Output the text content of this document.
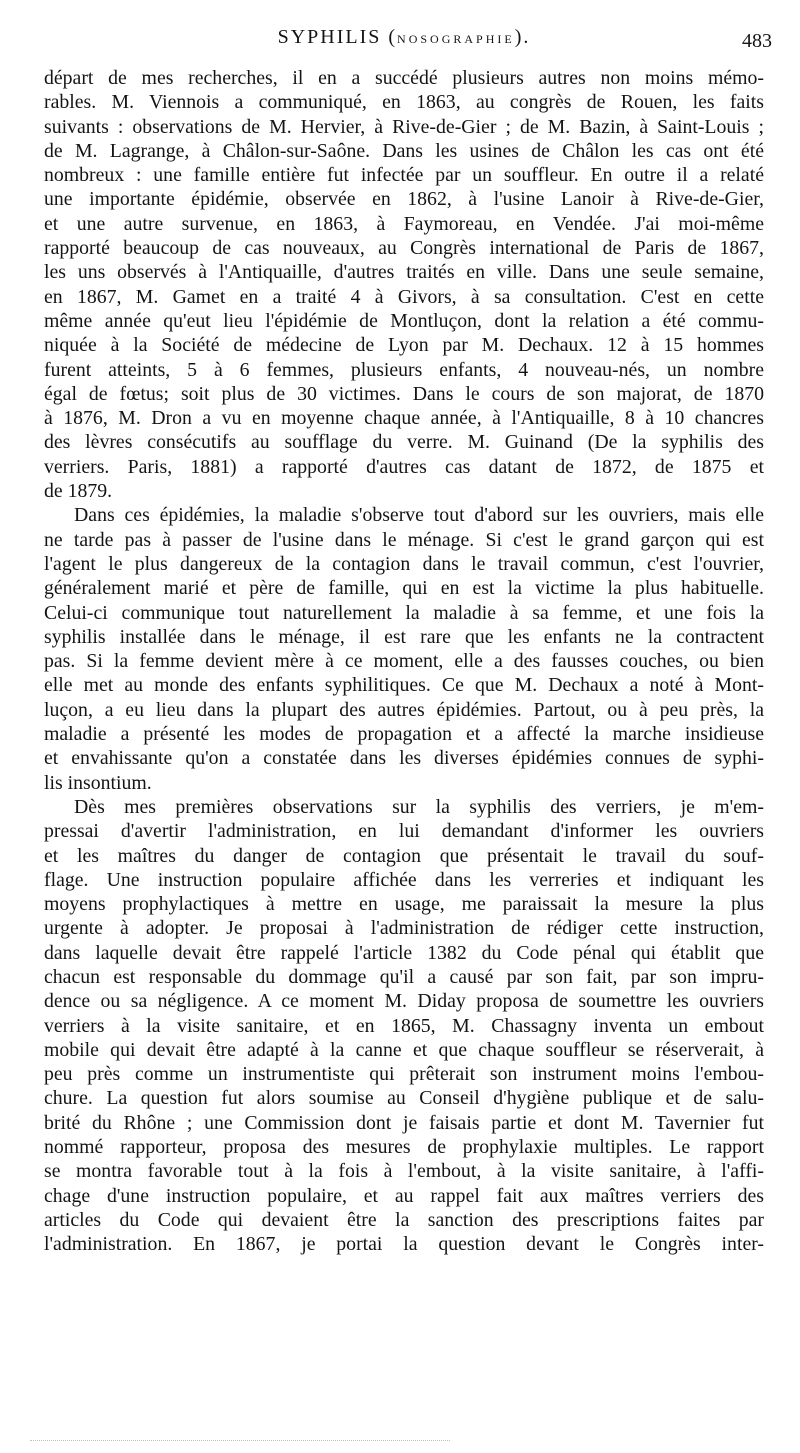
SYPHILIS (NOSOGRAPHIE).	483

départ de mes recherches, il en a succédé plusieurs autres non moins mémo-
rables. M. Viennois a communiqué, en 1863, au congrès de Rouen, les faits
suivants : observations de M. Hervier, à Rive-de-Gier ; de M. Bazin, à Saint-Louis ;
de M. Lagrange, à Châlon-sur-Saône. Dans les usines de Châlon les cas ont été
nombreux : une famille entière fut infectée par un souffleur. En outre il a relaté
une importante épidémie, observée en 1862, à l'usine Lanoir à Rive-de-Gier,
et une autre survenue, en 1863, à Faymoreau, en Vendée. J'ai moi-même
rapporté beaucoup de cas nouveaux, au Congrès international de Paris de 1867,
les uns observés à l'Antiquaille, d'autres traités en ville. Dans une seule semaine,
en 1867, M. Gamet en a traité 4 à Givors, à sa consultation. C'est en cette
même année qu'eut lieu l'épidémie de Montluçon, dont la relation a été commu-
niquée à la Société de médecine de Lyon par M. Dechaux. 12 à 15 hommes
furent atteints, 5 à 6 femmes, plusieurs enfants, 4 nouveau-nés, un nombre
égal de fœtus; soit plus de 30 victimes. Dans le cours de son majorat, de 1870
à 1876, M. Dron a vu en moyenne chaque année, à l'Antiquaille, 8 à 10 chancres
des lèvres consécutifs au soufflage du verre. M. Guinand (De la syphilis des
verriers. Paris, 1881) a rapporté d'autres cas datant de 1872, de 1875 et
de 1879.

Dans ces épidémies, la maladie s'observe tout d'abord sur les ouvriers, mais elle
ne tarde pas à passer de l'usine dans le ménage. Si c'est le grand garçon qui est
l'agent le plus dangereux de la contagion dans le travail commun, c'est l'ouvrier,
généralement marié et père de famille, qui en est la victime la plus habituelle.
Celui-ci communique tout naturellement la maladie à sa femme, et une fois la
syphilis installée dans le ménage, il est rare que les enfants ne la contractent
pas. Si la femme devient mère à ce moment, elle a des fausses couches, ou bien
elle met au monde des enfants syphilitiques. Ce que M. Dechaux a noté à Mont-
luçon, a eu lieu dans la plupart des autres épidémies. Partout, ou à peu près, la
maladie a présenté les modes de propagation et a affecté la marche insidieuse
et envahissante qu'on a constatée dans les diverses épidémies connues de syphi-
lis insontium.

Dès mes premières observations sur la syphilis des verriers, je m'em-
pressai d'avertir l'administration, en lui demandant d'informer les ouvriers
et les maîtres du danger de contagion que présentait le travail du souf-
flage. Une instruction populaire affichée dans les verreries et indiquant les
moyens prophylactiques à mettre en usage, me paraissait la mesure la plus
urgente à adopter. Je proposai à l'administration de rédiger cette instruction,
dans laquelle devait être rappelé l'article 1382 du Code pénal qui établit que
chacun est responsable du dommage qu'il a causé par son fait, par son impru-
dence ou sa négligence. A ce moment M. Diday proposa de soumettre les ouvriers
verriers à la visite sanitaire, et en 1865, M. Chassagny inventa un embout
mobile qui devait être adapté à la canne et que chaque souffleur se réserverait, à
peu près comme un instrumentiste qui prêterait son instrument moins l'embou-
chure. La question fut alors soumise au Conseil d'hygiène publique et de salu-
brité du Rhône ; une Commission dont je faisais partie et dont M. Tavernier fut
nommé rapporteur, proposa des mesures de prophylaxie multiples. Le rapport
se montra favorable tout à la fois à l'embout, à la visite sanitaire, à l'affi-
chage d'une instruction populaire, et au rappel fait aux maîtres verriers des
articles du Code qui devaient être la sanction des prescriptions faites par
l'administration. En 1867, je portai la question devant le Congrès inter-
